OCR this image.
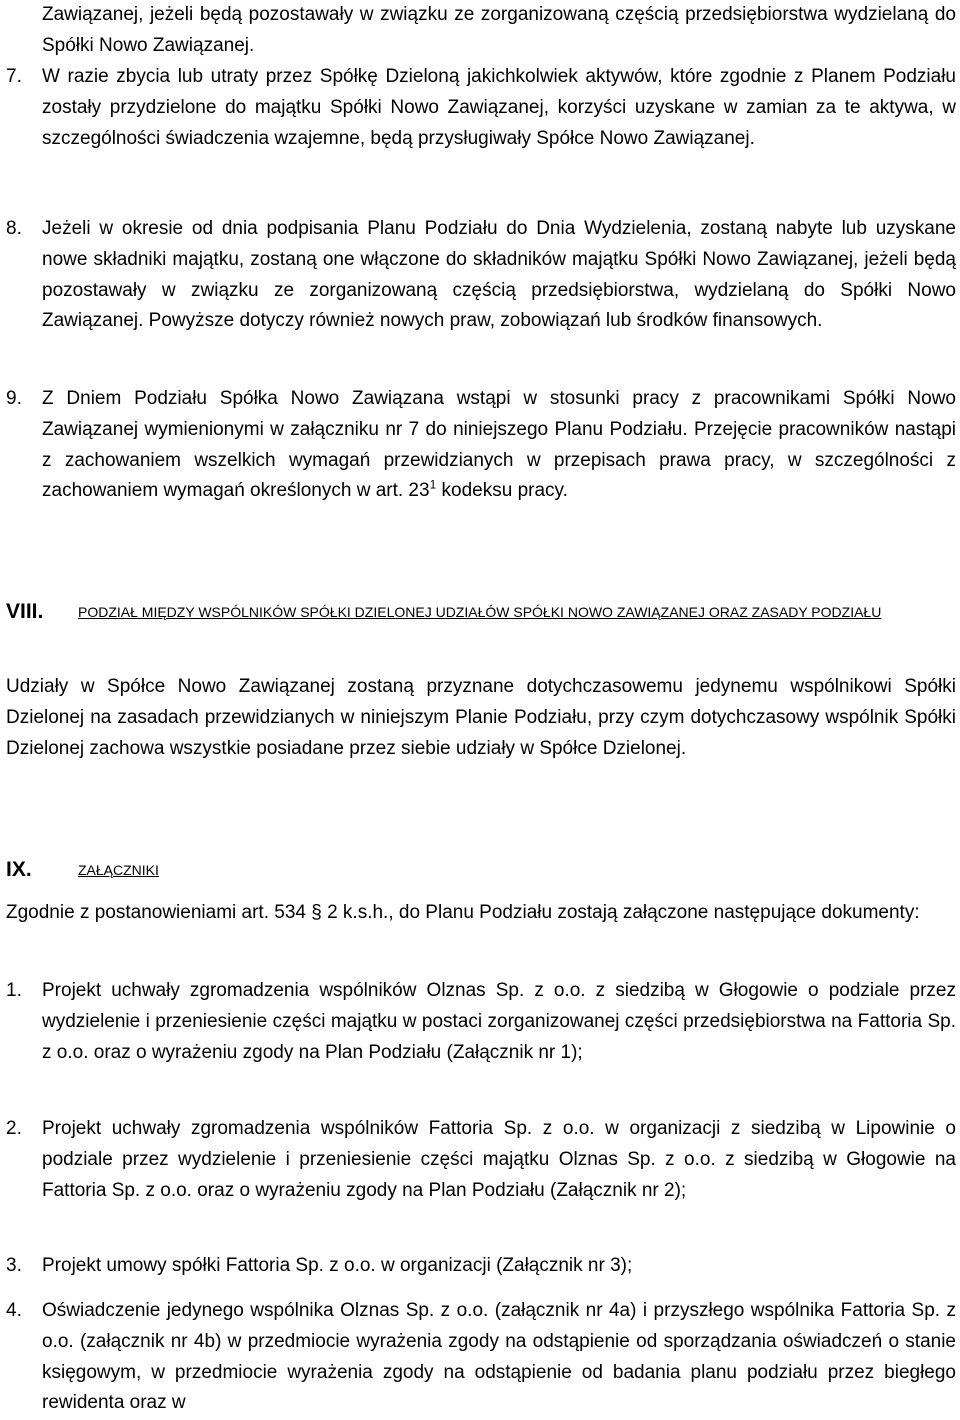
Zawiązanej, jeżeli będą pozostawały w związku ze zorganizowaną częścią przedsiębiorstwa wydzielaną do Spółki Nowo Zawiązanej.
7. W razie zbycia lub utraty przez Spółkę Dzieloną jakichkolwiek aktywów, które zgodnie z Planem Podziału zostały przydzielone do majątku Spółki Nowo Zawiązanej, korzyści uzyskane w zamian za te aktywa, w szczególności świadczenia wzajemne, będą przysługiwały Spółce Nowo Zawiązanej.
8. Jeżeli w okresie od dnia podpisania Planu Podziału do Dnia Wydzielenia, zostaną nabyte lub uzyskane nowe składniki majątku, zostaną one włączone do składników majątku Spółki Nowo Zawiązanej, jeżeli będą pozostawały w związku ze zorganizowaną częścią przedsiębiorstwa, wydzielaną do Spółki Nowo Zawiązanej. Powyższe dotyczy również nowych praw, zobowiązań lub środków finansowych.
9. Z Dniem Podziału Spółka Nowo Zawiązana wstąpi w stosunki pracy z pracownikami Spółki Nowo Zawiązanej wymienionymi w załączniku nr 7 do niniejszego Planu Podziału. Przejęcie pracowników nastąpi z zachowaniem wszelkich wymagań przewidzianych w przepisach prawa pracy, w szczególności z zachowaniem wymagań określonych w art. $23^1$ kodeksu pracy.
VIII. PODZIAŁ MIĘDZY WSPÓLNIKÓW SPÓŁKI DZIELONEJ UDZIAŁÓW SPÓŁKI NOWO ZAWIĄZANEJ ORAZ ZASADY PODZIAŁU
Udziały w Spółce Nowo Zawiązanej zostaną przyznane dotychczasowemu jedynemu wspólnikowi Spółki Dzielonej na zasadach przewidzianych w niniejszym Planie Podziału, przy czym dotychczasowy wspólnik Spółki Dzielonej zachowa wszystkie posiadane przez siebie udziały w Spółce Dzielonej.
IX.	ZAŁĄCZNIKI
Zgodnie z postanowieniami art. 534 § 2 k.s.h., do Planu Podziału zostają załączone następujące dokumenty:
1. Projekt uchwały zgromadzenia wspólników Olznas Sp. z o.o. z siedzibą w Głogowie o podziale przez wydzielenie i przeniesienie części majątku w postaci zorganizowanej części przedsiębiorstwa na Fattoria Sp. z o.o. oraz o wyrażeniu zgody na Plan Podziału (Załącznik nr 1);
2. Projekt uchwały zgromadzenia wspólników Fattoria Sp. z o.o. w organizacji z siedzibą w Lipowinie o podziale przez wydzielenie i przeniesienie części majątku Olznas Sp. z o.o. z siedzibą w Głogowie na Fattoria Sp. z o.o. oraz o wyrażeniu zgody na Plan Podziału (Załącznik nr 2);
3. Projekt umowy spółki Fattoria Sp. z o.o. w organizacji (Załącznik nr 3);
4. Oświadczenie jedynego wspólnika Olznas Sp. z o.o. (załącznik nr 4a) i przyszłego wspólnika Fattoria Sp. z o.o. (załącznik nr 4b) w przedmiocie wyrażenia zgody na odstąpienie od sporządzania oświadczeń o stanie księgowym, w przedmiocie wyrażenia zgody na odstąpienie od badania planu podziału przez biegłego rewidenta oraz w
